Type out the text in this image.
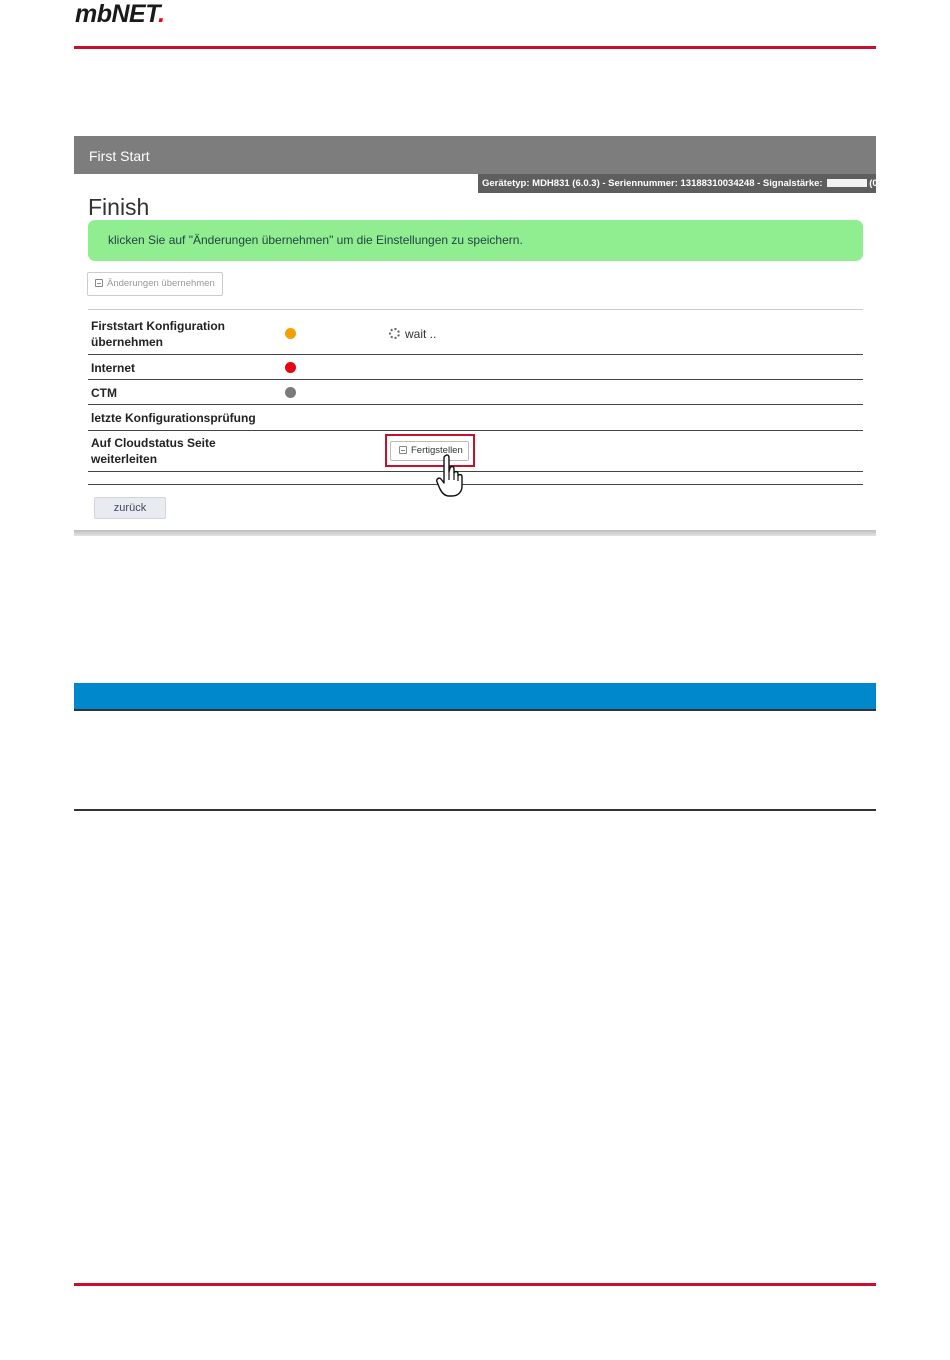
mbNET.
First Start
Gerätetyp: MDH831 (6.0.3) - Seriennummer: 13188310034248 - Signalstärke:	(0)
Finish
klicken Sie auf "Änderungen übernehmen" um die Einstellungen zu speichern.
Änderungen übernehmen
Firststart Konfiguration
übernehmen
wait ..
Internet
CTM
letzte Konfigurationsprüfung
Auf Cloudstatus Seite
weiterleiten
Fertigstellen
zurück
